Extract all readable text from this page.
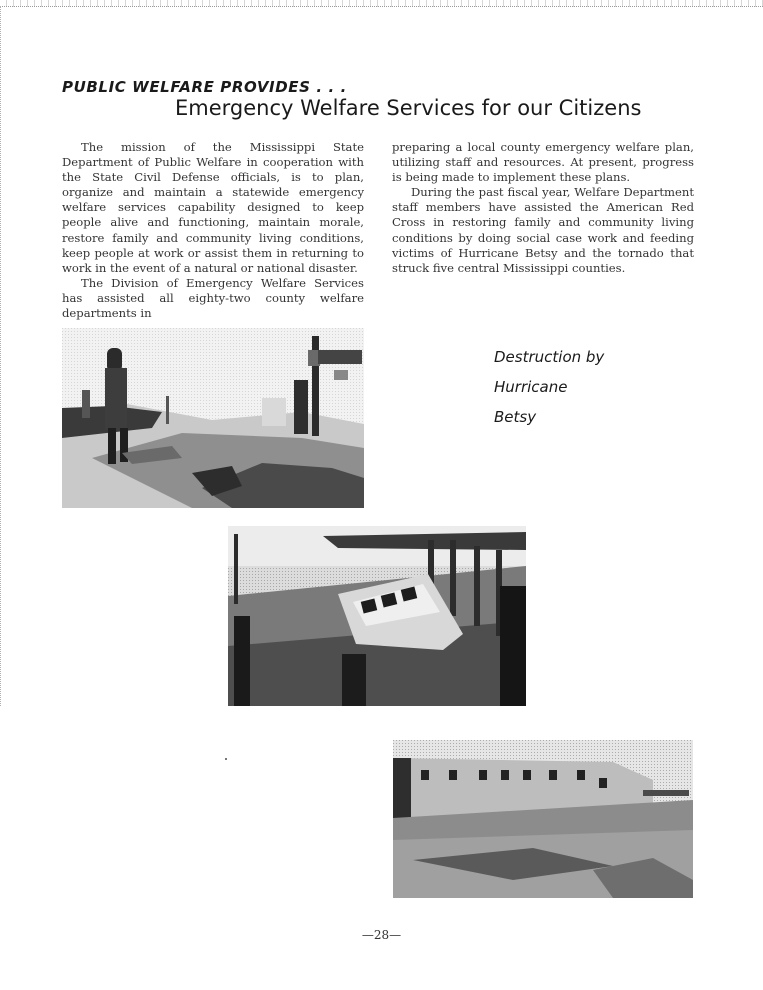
PUBLIC WELFARE PROVIDES . . .
Emergency Welfare Services for our Citizens

The mission of the Mississippi State Department of Public Welfare in cooperation with the State Civil Defense officials, is to plan, organize and maintain a statewide emergency welfare services capability designed to keep people alive and functioning, maintain morale, restore family and community living conditions, keep people at work or assist them in returning to work in the event of a natural or national disaster.

The Division of Emergency Welfare Services has assisted all eighty-two county welfare departments in

preparing a local county emergency welfare plan, utilizing staff and resources. At present, progress is being made to implement these plans.

During the past fiscal year, Welfare Department staff members have assisted the American Red Cross in restoring family and community living conditions by doing social case work and feeding victims of Hurricane Betsy and the tornado that struck five central Mississippi counties.

Destruction by
Hurricane
Betsy
—28—
